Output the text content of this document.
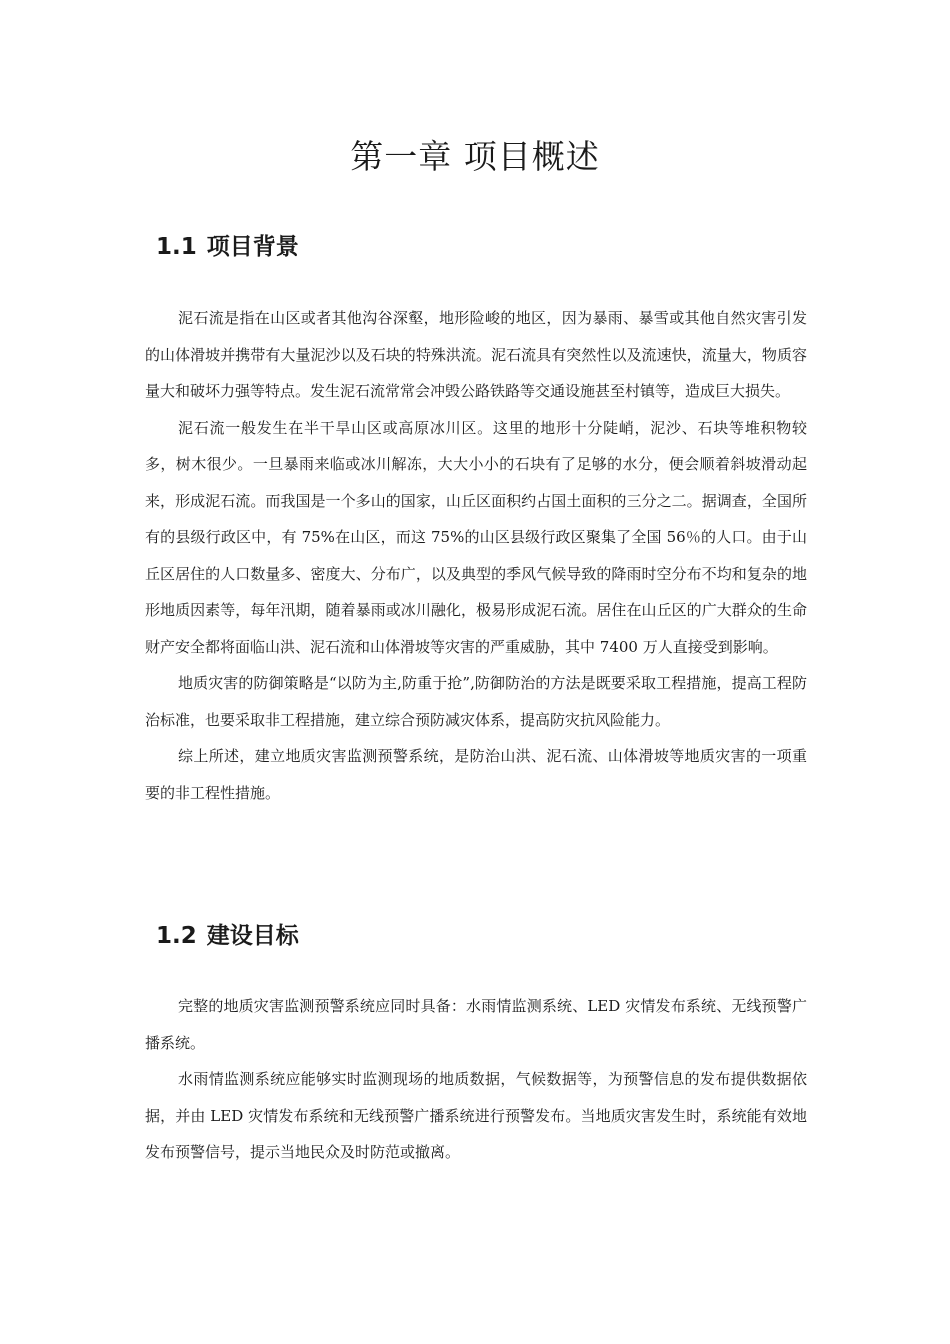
第一章 项目概述
1.1 项目背景

泥石流是指在山区或者其他沟谷深壑，地形险峻的地区，因为暴雨、暴雪或其他自然灾害引发的山体滑坡并携带有大量泥沙以及石块的特殊洪流。泥石流具有突然性以及流速快，流量大，物质容量大和破坏力强等特点。发生泥石流常常会冲毁公路铁路等交通设施甚至村镇等，造成巨大损失。

泥石流一般发生在半干旱山区或高原冰川区。这里的地形十分陡峭，泥沙、石块等堆积物较多，树木很少。一旦暴雨来临或冰川解冻，大大小小的石块有了足够的水分，便会顺着斜坡滑动起来，形成泥石流。而我国是一个多山的国家，山丘区面积约占国土面积的三分之二。据调查，全国所有的县级行政区中，有 75%在山区，而这 75%的山区县级行政区聚集了全国 56％的人口。由于山丘区居住的人口数量多、密度大、分布广，以及典型的季风气候导致的降雨时空分布不均和复杂的地形地质因素等，每年汛期，随着暴雨或冰川融化，极易形成泥石流。居住在山丘区的广大群众的生命财产安全都将面临山洪、泥石流和山体滑坡等灾害的严重威胁，其中 7400 万人直接受到影响。

地质灾害的防御策略是“以防为主,防重于抢”,防御防治的方法是既要采取工程措施，提高工程防治标准，也要采取非工程措施，建立综合预防减灾体系，提高防灾抗风险能力。

综上所述，建立地质灾害监测预警系统，是防治山洪、泥石流、山体滑坡等地质灾害的一项重要的非工程性措施。

1.2 建设目标

完整的地质灾害监测预警系统应同时具备：水雨情监测系统、LED 灾情发布系统、无线预警广播系统。

水雨情监测系统应能够实时监测现场的地质数据，气候数据等，为预警信息的发布提供数据依据，并由 LED 灾情发布系统和无线预警广播系统进行预警发布。当地质灾害发生时，系统能有效地发布预警信号，提示当地民众及时防范或撤离。
